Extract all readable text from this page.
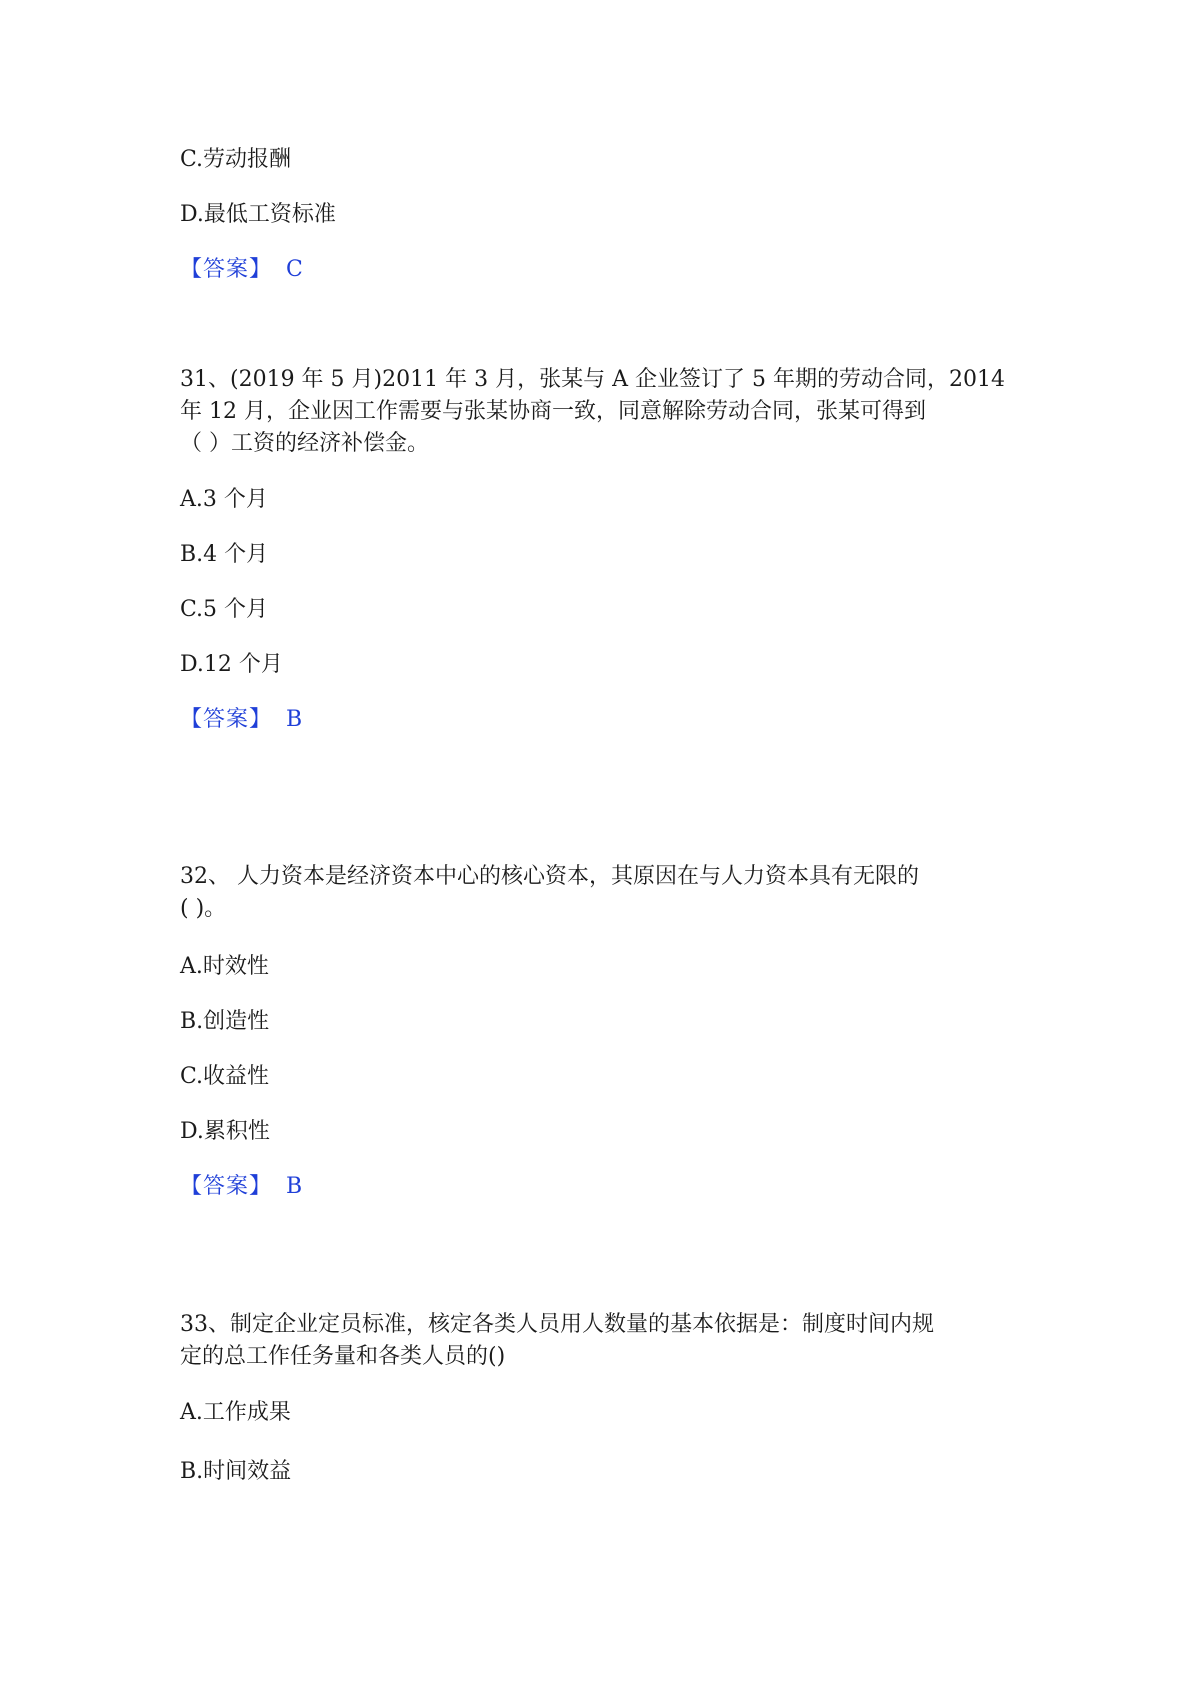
C.劳动报酬
D.最低工资标准
【答案】 C
31、(2019 年 5 月)2011 年 3 月，张某与 A 企业签订了 5 年期的劳动合同，2014
年 12 月，企业因工作需要与张某协商一致，同意解除劳动合同，张某可得到
（ ）工资的经济补偿金。
A.3 个月
B.4 个月
C.5 个月
D.12 个月
【答案】 B
32、 人力资本是经济资本中心的核心资本，其原因在与人力资本具有无限的
( )。
A.时效性
B.创造性
C.收益性
D.累积性
【答案】 B
33、制定企业定员标准，核定各类人员用人数量的基本依据是：制度时间内规
定的总工作任务量和各类人员的()
A.工作成果
B.时间效益
